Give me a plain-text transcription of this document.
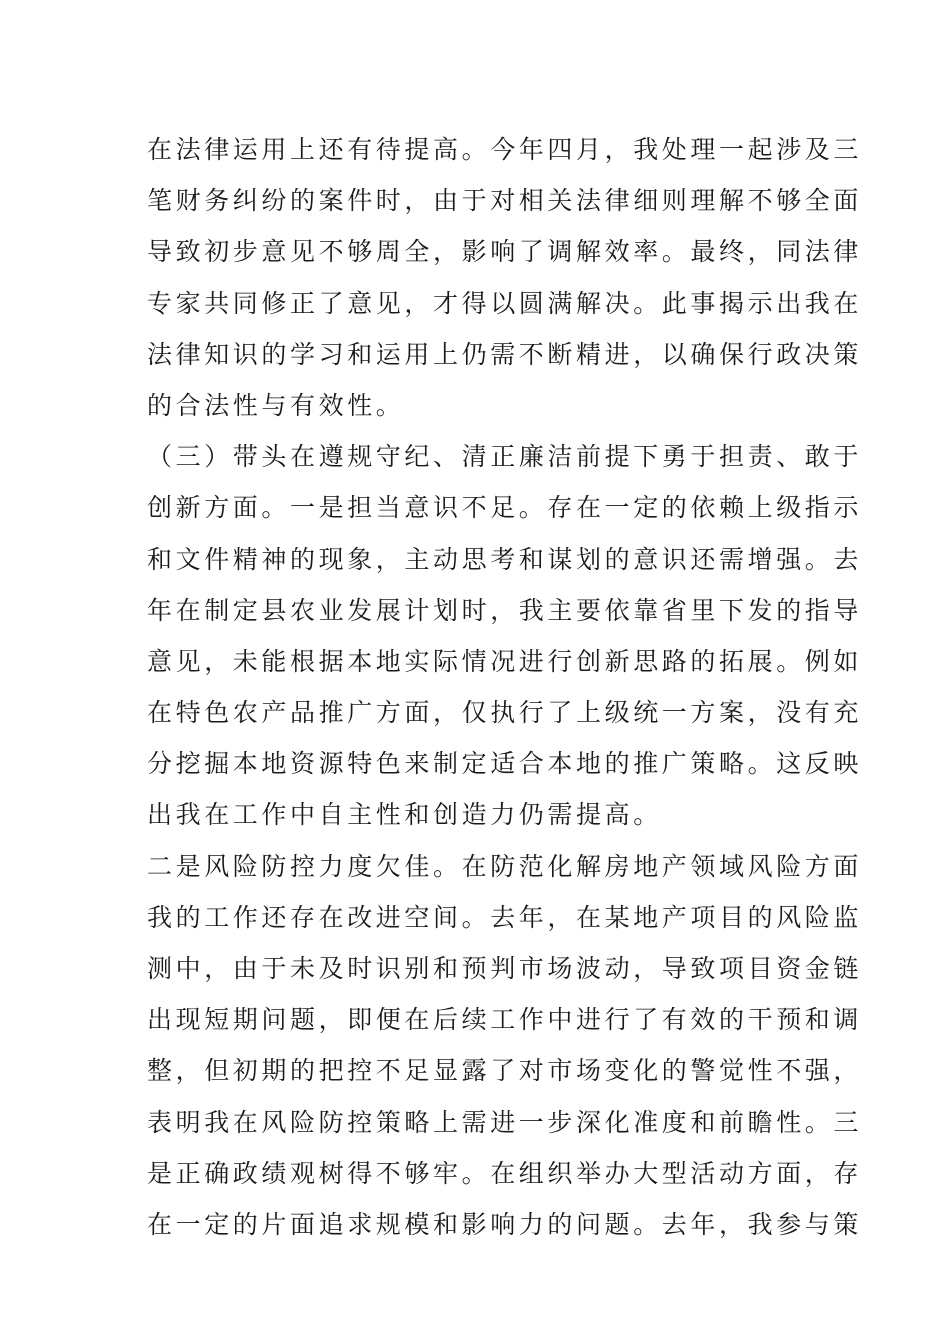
在法律运用上还有待提高。今年四月，我处理一起涉及三
笔财务纠纷的案件时，由于对相关法律细则理解不够全面
导致初步意见不够周全，影响了调解效率。最终，同法律
专家共同修正了意见，才得以圆满解决。此事揭示出我在
法律知识的学习和运用上仍需不断精进，以确保行政决策
的合法性与有效性。
（三）带头在遵规守纪、清正廉洁前提下勇于担责、敢于
创新方面。一是担当意识不足。存在一定的依赖上级指示
和文件精神的现象，主动思考和谋划的意识还需增强。去
年在制定县农业发展计划时，我主要依靠省里下发的指导
意见，未能根据本地实际情况进行创新思路的拓展。例如
在特色农产品推广方面，仅执行了上级统一方案，没有充
分挖掘本地资源特色来制定适合本地的推广策略。这反映
出我在工作中自主性和创造力仍需提高。
二是风险防控力度欠佳。在防范化解房地产领域风险方面
我的工作还存在改进空间。去年，在某地产项目的风险监
测中，由于未及时识别和预判市场波动，导致项目资金链
出现短期问题，即便在后续工作中进行了有效的干预和调
整，但初期的把控不足显露了对市场变化的警觉性不强，
表明我在风险防控策略上需进一步深化准度和前瞻性。三
是正确政绩观树得不够牢。在组织举办大型活动方面，存
在一定的片面追求规模和影响力的问题。去年，我参与策
